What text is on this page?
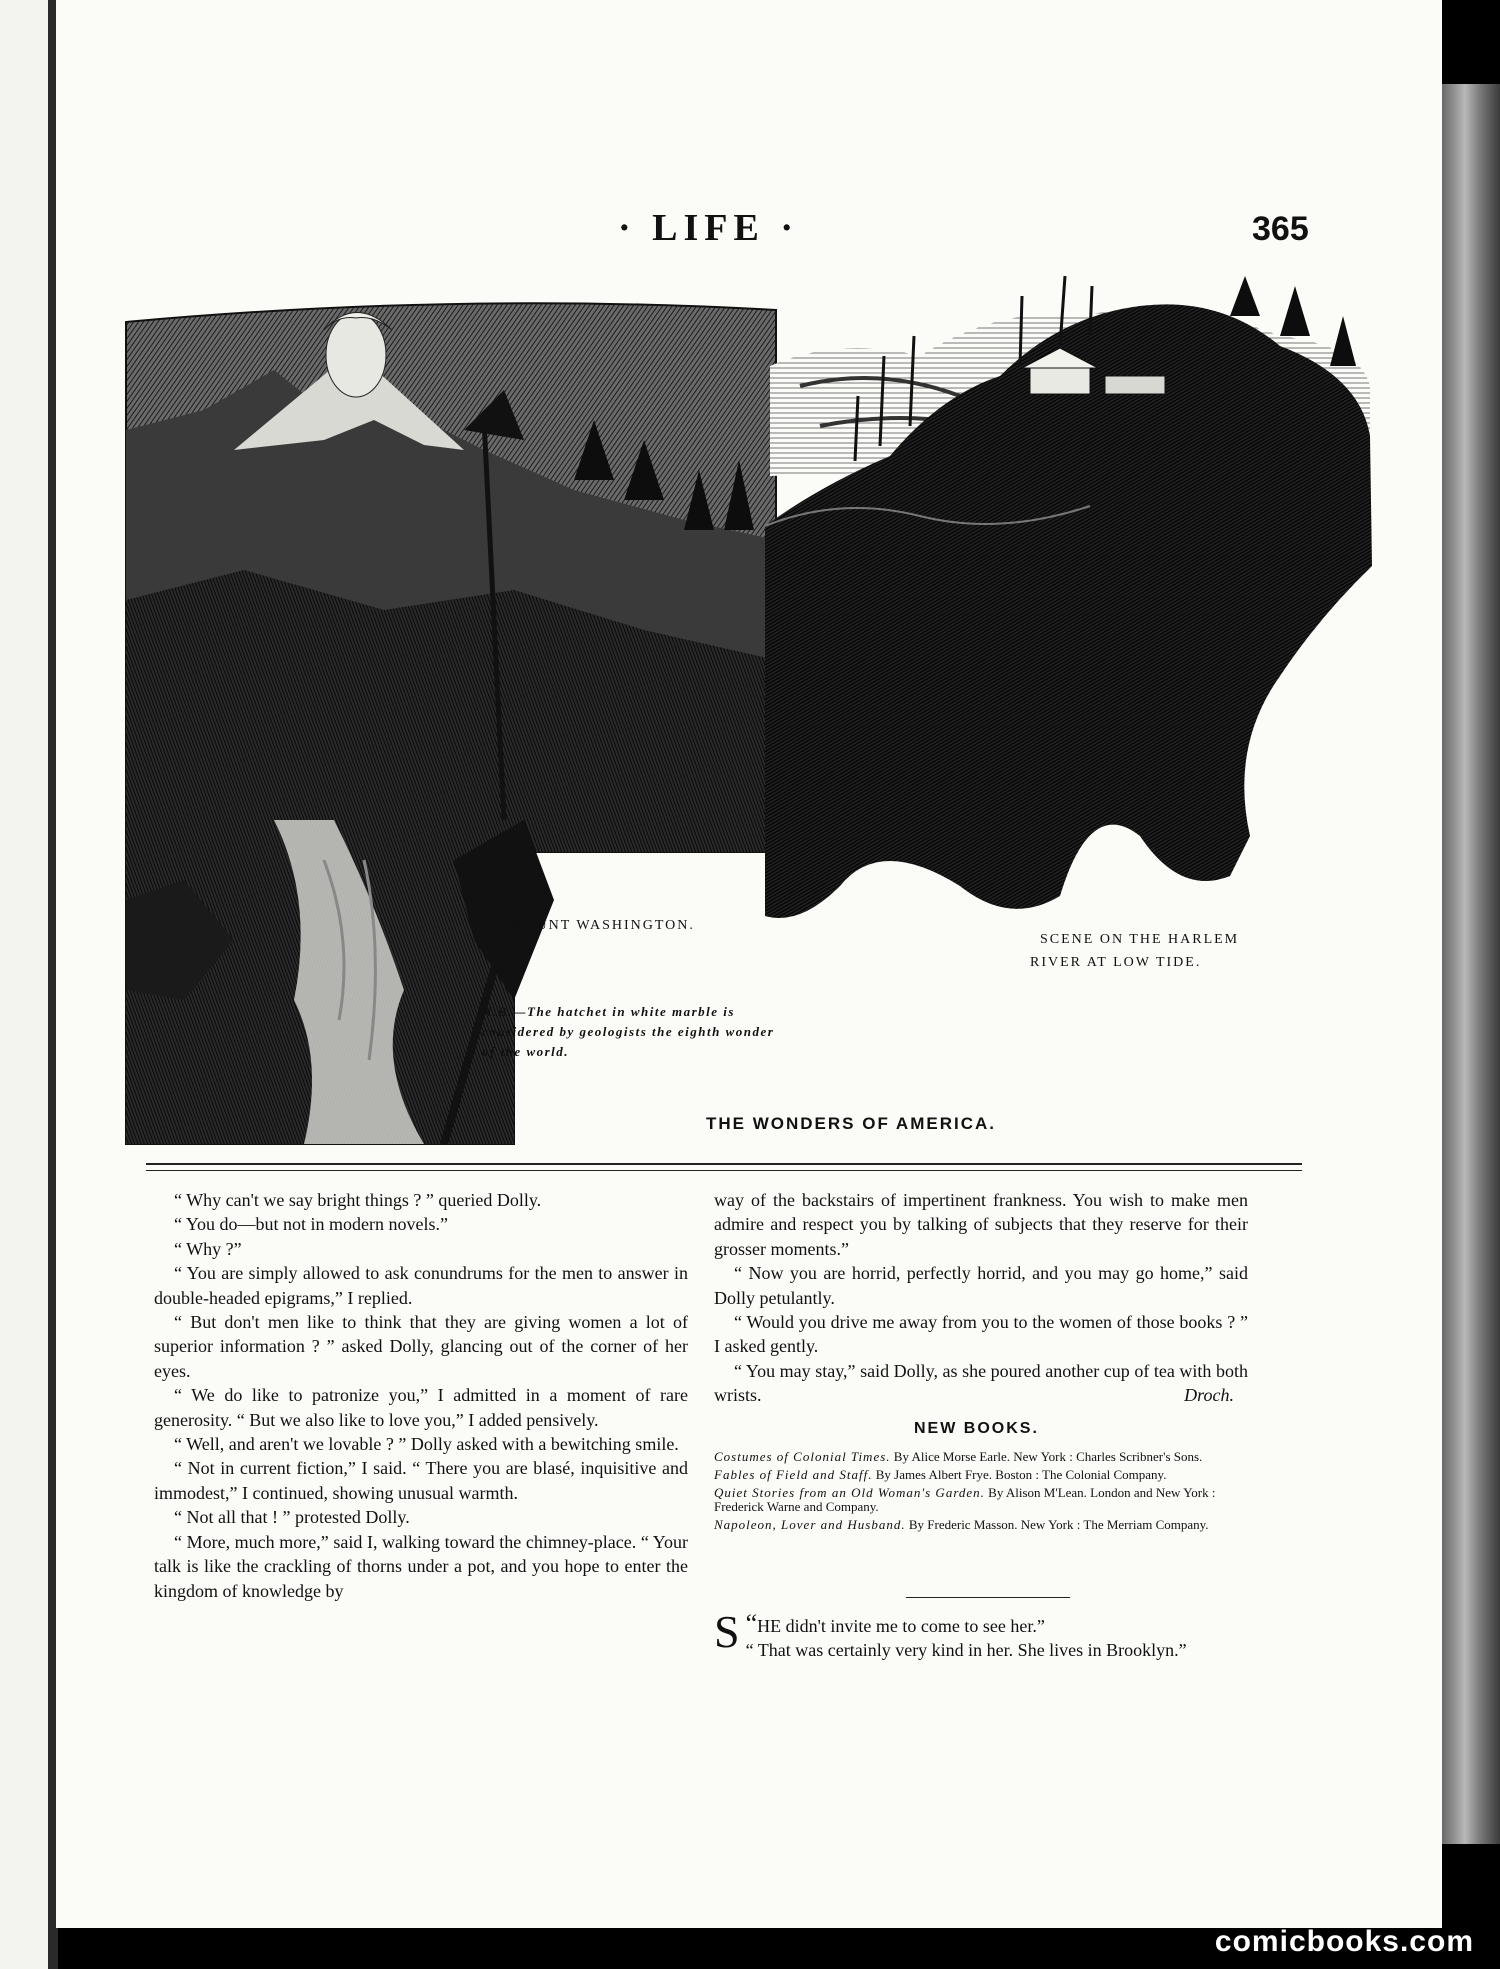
· LIFE ·	365
MOUNT WASHINGTON.
N.B.—The hatchet in white marble is considered by geologists the eighth wonder of the world.
SCENE ON THE HARLEM
RIVER AT LOW TIDE.
THE WONDERS OF AMERICA.

“ Why can't we say bright things ? ” queried Dolly.

“ You do—but not in modern novels.”

“ Why ?”

“ You are simply allowed to ask conundrums for the men to answer in double-headed epigrams,” I replied.

“ But don't men like to think that they are giving women a lot of superior information ? ” asked Dolly, glancing out of the corner of her eyes.

“ We do like to patronize you,” I admitted in a moment of rare generosity. “ But we also like to love you,” I added pensively.

“ Well, and aren't we lovable ? ” Dolly asked with a bewitching smile.

“ Not in current fiction,” I said. “ There you are blasé, inquisitive and immodest,” I continued, showing unusual warmth.

“ Not all that ! ” protested Dolly.

“ More, much more,” said I, walking toward the chimney-place. “ Your talk is like the crackling of thorns under a pot, and you hope to enter the kingdom of knowledge by

way of the backstairs of impertinent frankness. You wish to make men admire and respect you by talking of subjects that they reserve for their grosser moments.”

“ Now you are horrid, perfectly horrid, and you may go home,” said Dolly petulantly.

“ Would you drive me away from you to the women of those books ? ” I asked gently.

“ You may stay,” said Dolly, as she poured another cup of tea with both wrists.	Droch.

NEW BOOKS.

Costumes of Colonial Times. By Alice Morse Earle. New York : Charles Scribner's Sons.

Fables of Field and Staff. By James Albert Frye. Boston : The Colonial Company.

Quiet Stories from an Old Woman's Garden. By Alison M'Lean. London and New York : Frederick Warne and Company.

Napoleon, Lover and Husband. By Frederic Masson. New York : The Merriam Company.

“
S HE didn't invite me to come to see her.”
“ That was certainly very kind in her. She lives in Brooklyn.”

comicbooks.com
